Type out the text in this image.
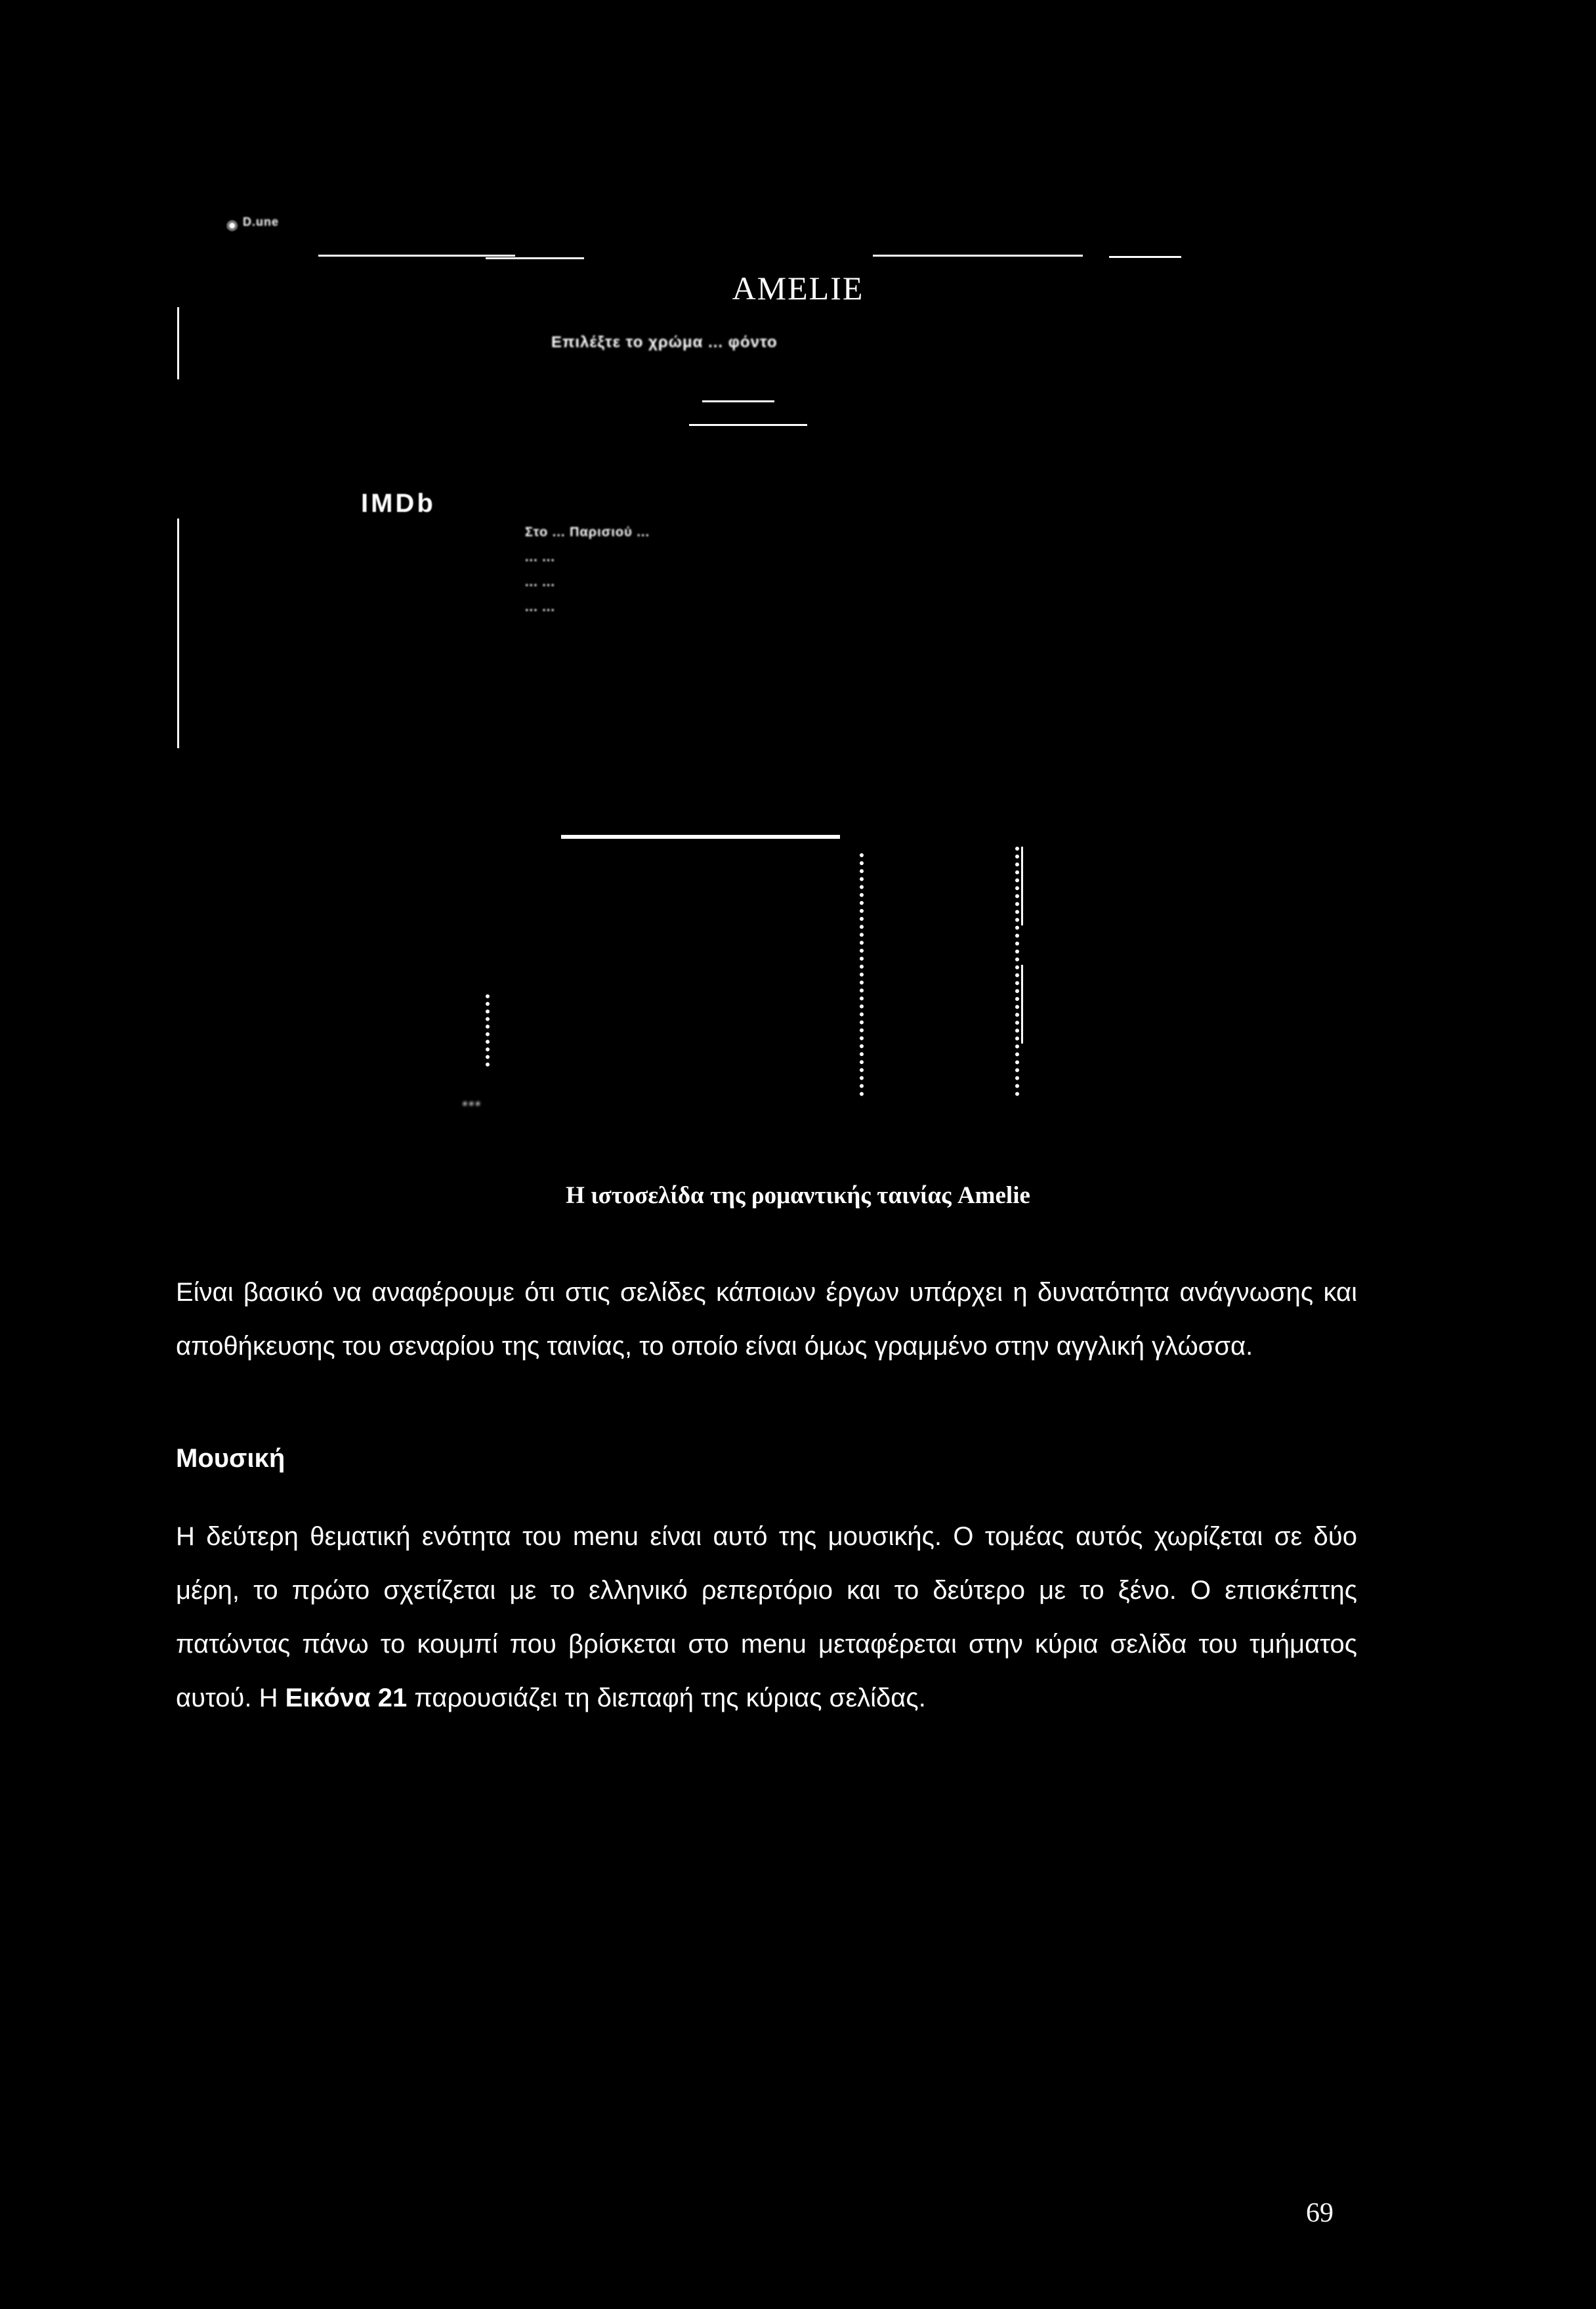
◉ D.une
AMELIE
Επιλέξτε το χρώμα ... φόντο
IMDb
Στο ... Παρισιού ...
... ...
... ...
... ...
...
Η ιστοσελίδα της ρομαντικής ταινίας Amelie
Είναι βασικό να αναφέρουμε ότι στις σελίδες κάποιων έργων υπάρχει η δυνατότητα ανάγνωσης και αποθήκευσης του σεναρίου της ταινίας, το οποίο είναι όμως γραμμένο στην αγγλική γλώσσα.
Μουσική
Η δεύτερη θεματική ενότητα του menu είναι αυτό της μουσικής. Ο τομέας αυτός χωρίζεται σε δύο μέρη, το πρώτο σχετίζεται με το ελληνικό ρεπερτόριο και το δεύτερο με το ξένο. Ο επισκέπτης πατώντας πάνω το κουμπί που βρίσκεται στο menu μεταφέρεται στην κύρια σελίδα του τμήματος αυτού. Η Εικόνα 21 παρουσιάζει τη διεπαφή της κύριας σελίδας.
69
